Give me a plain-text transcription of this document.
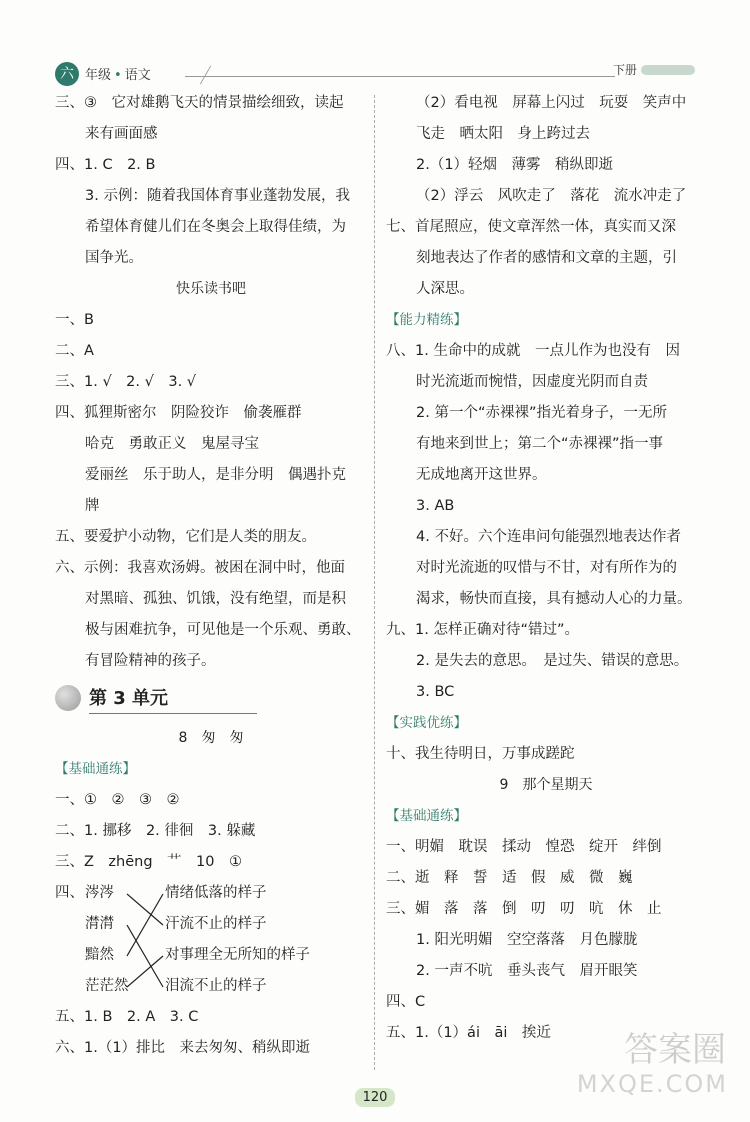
六 年级 • 语文	下册
三、③　它对雄鹅飞天的情景描绘细致，读起
来有画面感
四、1. C　2. B
3. 示例：随着我国体育事业蓬勃发展，我
希望体育健儿们在冬奥会上取得佳绩，为
国争光。
快乐读书吧
一、B
二、A
三、1. √　2. √　3. √
四、狐狸斯密尔　阴险狡诈　偷袭雁群
哈克　勇敢正义　鬼屋寻宝
爱丽丝　乐于助人，是非分明　偶遇扑克
牌
五、要爱护小动物，它们是人类的朋友。
六、示例：我喜欢汤姆。被困在洞中时，他面
对黑暗、孤独、饥饿，没有绝望，而是积
极与困难抗争，可见他是一个乐观、勇敢、
有冒险精神的孩子。
第 3 单元
8　匆　匆
【基础通练】
一、①　②　③　②
二、1. 挪移　2. 徘徊　3. 躲藏
三、Z　zhēng　艹　10　①
四、 涔涔	情绪低落的样子
潸潸	汗流不止的样子
黯然	对事理全无所知的样子
茫茫然	泪流不止的样子
五、1. B　2. A　3. C
六、1.（1）排比　来去匆匆、稍纵即逝
（2）看电视　屏幕上闪过　玩耍　笑声中
飞走　晒太阳　身上跨过去
2.（1）轻烟　薄雾　稍纵即逝
（2）浮云　风吹走了　落花　流水冲走了
七、首尾照应，使文章浑然一体，真实而又深
刻地表达了作者的感情和文章的主题，引
人深思。
【能力精练】
八、1. 生命中的成就　一点儿作为也没有　因
时光流逝而惋惜，因虚度光阴而自责
2. 第一个“赤裸裸”指光着身子，一无所
有地来到世上；第二个“赤裸裸”指一事
无成地离开这世界。
3. AB
4. 不好。六个连串问句能强烈地表达作者
对时光流逝的叹惜与不甘，对有所作为的
渴求，畅快而直接，具有撼动人心的力量。
九、1. 怎样正确对待“错过”。
2. 是失去的意思。　是过失、错误的意思。
3. BC
【实践优练】
十、我生待明日，万事成蹉跎
9　那个星期天
【基础通练】
一、明媚　耽误　揉动　惶恐　绽开　绊倒
二、逝　释　誓　适　假　威　微　巍
三、媚　落　落　倒　叨　叨　吭　休　止
1. 阳光明媚　空空落落　月色朦胧
2. 一声不吭　垂头丧气　眉开眼笑
四、C
五、1.（1）ái　āi　挨近
120
答案圈
MXQE.COM
